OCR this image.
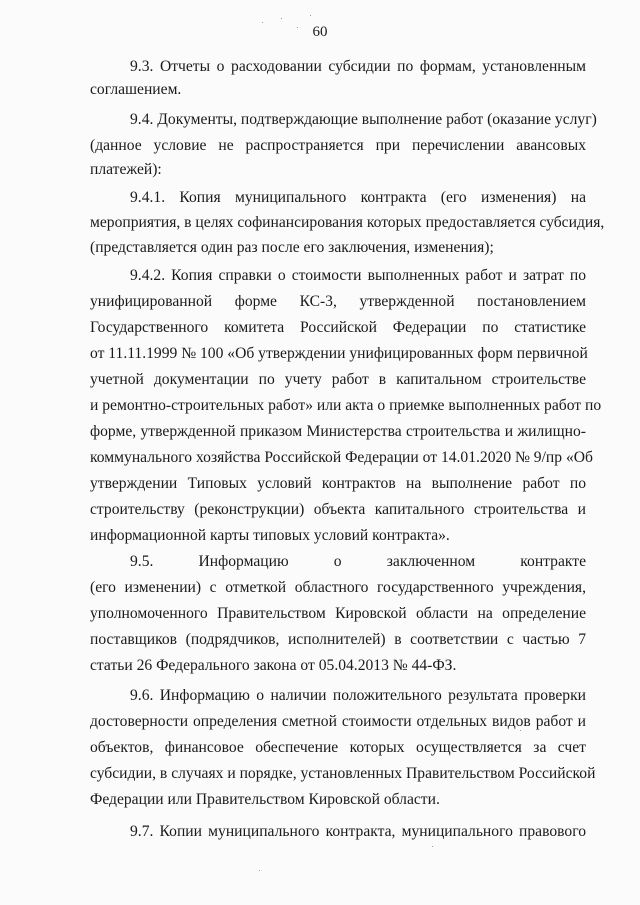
60
9.3. Отчеты о расходовании субсидии по формам, установленным
соглашением.
9.4. Документы, подтверждающие выполнение работ (оказание услуг)
(данное условие не распространяется при перечислении авансовых
платежей):
9.4.1. Копия муниципального контракта (его изменения) на
мероприятия, в целях софинансирования которых предоставляется субсидия,
(представляется один раз после его заключения, изменения);
9.4.2. Копия справки о стоимости выполненных работ и затрат по
унифицированной форме КС-3, утвержденной постановлением
Государственного комитета Российской Федерации по статистике
от 11.11.1999 № 100 «Об утверждении унифицированных форм первичной
учетной документации по учету работ в капитальном строительстве
и ремонтно-строительных работ» или акта о приемке выполненных работ по
форме, утвержденной приказом Министерства строительства и жилищно-
коммунального хозяйства Российской Федерации от 14.01.2020 № 9/пр «Об
утверждении Типовых условий контрактов на выполнение работ по
строительству (реконструкции) объекта капитального строительства и
информационной карты типовых условий контракта».
9.5. Информацию о заключенном контракте
(его изменении) с отметкой областного государственного учреждения,
уполномоченного Правительством Кировской области на определение
поставщиков (подрядчиков, исполнителей) в соответствии с частью 7
статьи 26 Федерального закона от 05.04.2013 № 44-ФЗ.
9.6. Информацию о наличии положительного результата проверки
достоверности определения сметной стоимости отдельных видов работ и
объектов, финансовое обеспечение которых осуществляется за счет
субсидии, в случаях и порядке, установленных Правительством Российской
Федерации или Правительством Кировской области.
9.7. Копии муниципального контракта, муниципального правового
